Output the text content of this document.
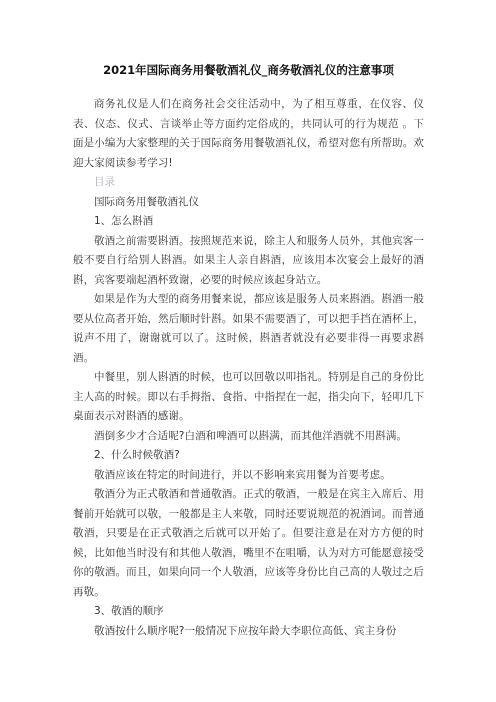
2021年国际商务用餐敬酒礼仪_商务敬酒礼仪的注意事项

商务礼仪是人们在商务社会交往活动中，为了相互尊重，在仪容、仪表、仪态、仪式、言谈举止等方面约定俗成的，共同认可的行为规范 。下面是小编为大家整理的关于国际商务用餐敬酒礼仪，希望对您有所帮助。欢迎大家阅读参考学习!

目录

国际商务用餐敬酒礼仪

1、怎么斟酒

敬酒之前需要斟酒。按照规范来说，除主人和服务人员外，其他宾客一般不要自行给别人斟酒。如果主人亲自斟酒，应该用本次宴会上最好的酒斟，宾客要端起酒杯致谢，必要的时候应该起身站立。

如果是作为大型的商务用餐来说，都应该是服务人员来斟酒。斟酒一般要从位高者开始，然后顺时针斟。如果不需要酒了，可以把手挡在酒杯上，说声不用了，谢谢就可以了。这时候，斟酒者就没有必要非得一再要求斟酒。

中餐里，别人斟酒的时候，也可以回敬以叩指礼。特别是自己的身份比主人高的时候。即以右手拇指、食指、中指捏在一起，指尖向下，轻叩几下桌面表示对斟酒的感谢。

酒倒多少才合适呢?白酒和啤酒可以斟满，而其他洋酒就不用斟满。

2、什么时候敬酒?

敬酒应该在特定的时间进行，并以不影响来宾用餐为首要考虑。

敬酒分为正式敬酒和普通敬酒。正式的敬酒，一般是在宾主入席后、用餐前开始就可以敬，一般都是主人来敬，同时还要说规范的祝酒词。而普通敬酒，只要是在正式敬酒之后就可以开始了。但要注意是在对方方便的时候，比如他当时没有和其他人敬酒，嘴里不在咀嚼，认为对方可能愿意接受你的敬酒。而且，如果向同一个人敬酒，应该等身份比自己高的人敬过之后再敬。

3、敬酒的顺序

敬酒按什么顺序呢?一般情况下应按年龄大李职位高低、宾主身份
